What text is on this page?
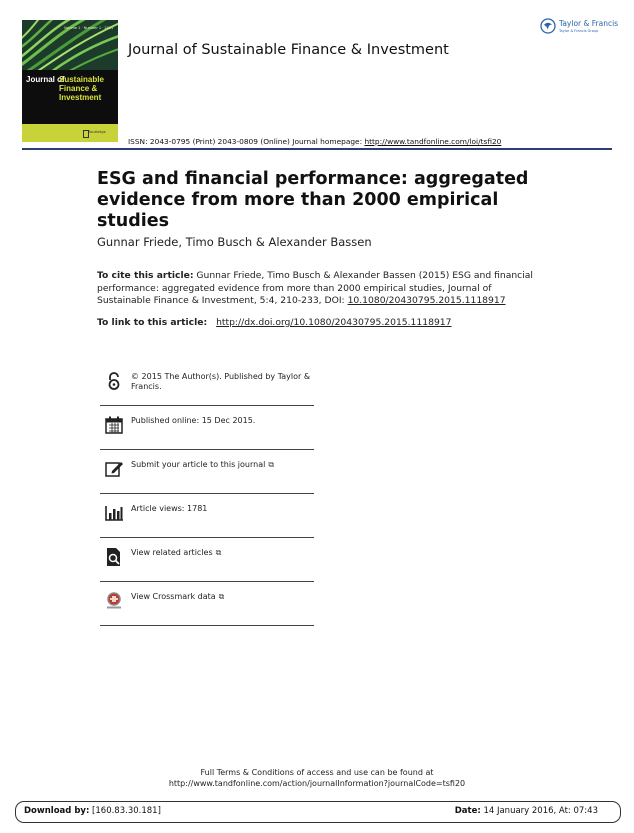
Volume 1 · Number 1 · 2011
Journal of
Sustainable
Finance &
Investment
Routledge
Journal of Sustainable Finance & Investment
Taylor & Francis
Taylor & Francis Group
ISSN: 2043-0795 (Print) 2043-0809 (Online) Journal homepage: http://www.tandfonline.com/loi/tsfi20
ESG and financial performance: aggregated evidence from more than 2000 empirical studies
Gunnar Friede, Timo Busch & Alexander Bassen
To cite this article: Gunnar Friede, Timo Busch & Alexander Bassen (2015) ESG and financial performance: aggregated evidence from more than 2000 empirical studies, Journal of Sustainable Finance & Investment, 5:4, 210-233, DOI: 10.1080/20430795.2015.1118917
To link to this article: http://dx.doi.org/10.1080/20430795.2015.1118917
© 2015 The Author(s). Published by Taylor & Francis.
Published online: 15 Dec 2015.
Submit your article to this journal ⧉
Article views: 1781
View related articles ⧉
View Crossmark data ⧉
Full Terms & Conditions of access and use can be found at
http://www.tandfonline.com/action/journalInformation?journalCode=tsfi20
Download by: [160.83.30.181]	Date: 14 January 2016, At: 07:43
